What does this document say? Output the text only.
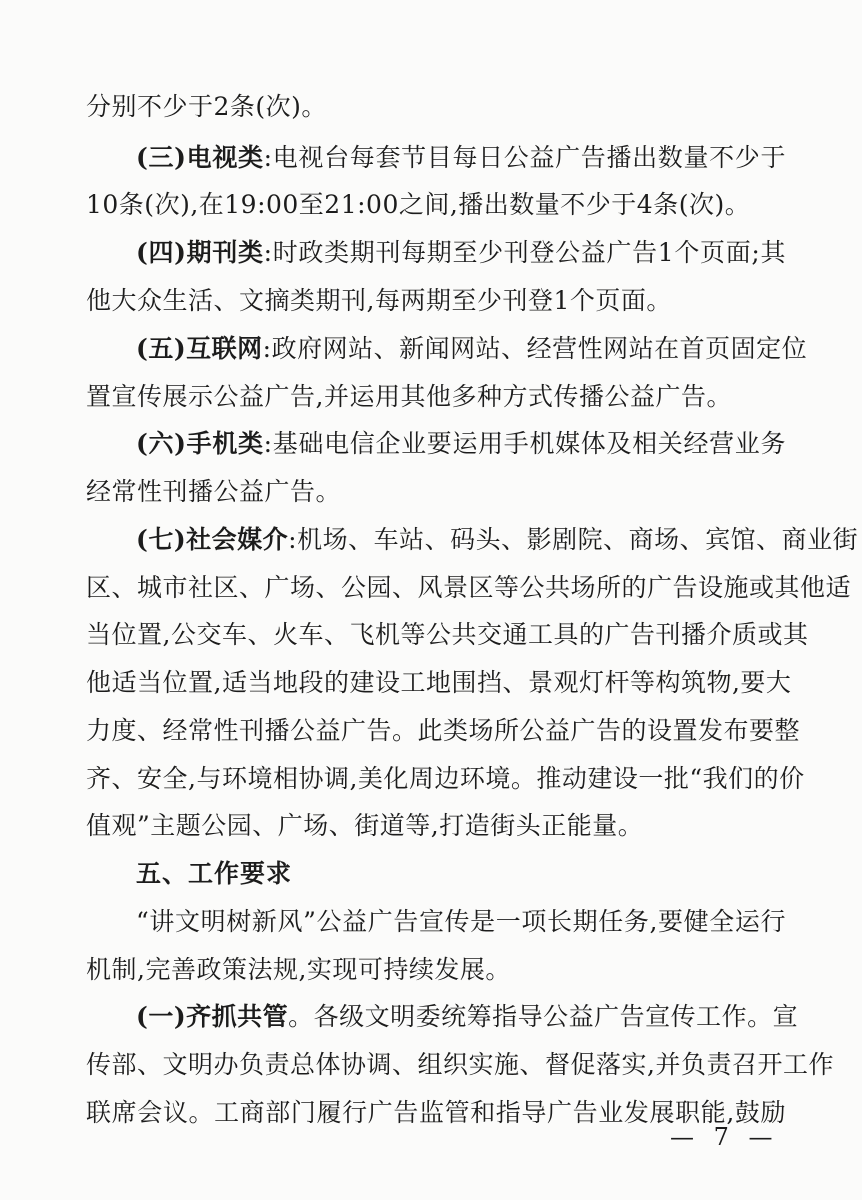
分别不少于2条(次)。
(三)电视类:电视台每套节目每日公益广告播出数量不少于
10条(次),在19:00至21:00之间,播出数量不少于4条(次)。
(四)期刊类:时政类期刊每期至少刊登公益广告1个页面;其
他大众生活、文摘类期刊,每两期至少刊登1个页面。
(五)互联网:政府网站、新闻网站、经营性网站在首页固定位
置宣传展示公益广告,并运用其他多种方式传播公益广告。
(六)手机类:基础电信企业要运用手机媒体及相关经营业务
经常性刊播公益广告。
(七)社会媒介:机场、车站、码头、影剧院、商场、宾馆、商业街
区、城市社区、广场、公园、风景区等公共场所的广告设施或其他适
当位置,公交车、火车、飞机等公共交通工具的广告刊播介质或其
他适当位置,适当地段的建设工地围挡、景观灯杆等构筑物,要大
力度、经常性刊播公益广告。此类场所公益广告的设置发布要整
齐、安全,与环境相协调,美化周边环境。推动建设一批“我们的价
值观”主题公园、广场、街道等,打造街头正能量。
五、工作要求
“讲文明树新风”公益广告宣传是一项长期任务,要健全运行
机制,完善政策法规,实现可持续发展。
(一)齐抓共管。各级文明委统筹指导公益广告宣传工作。宣
传部、文明办负责总体协调、组织实施、督促落实,并负责召开工作
联席会议。工商部门履行广告监管和指导广告业发展职能,鼓励
— 7 —
